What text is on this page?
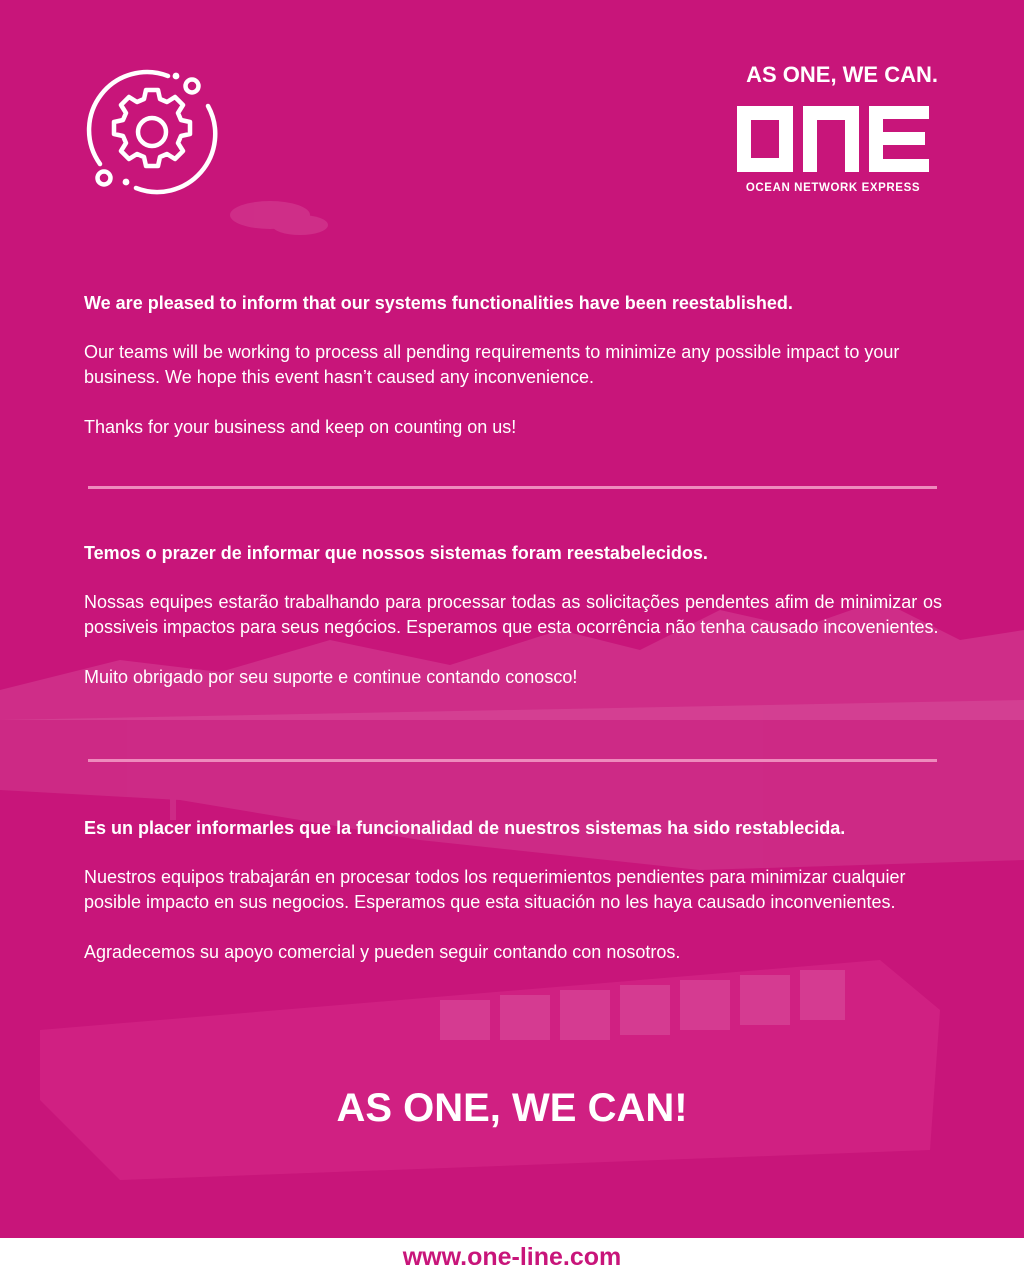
AS ONE, WE CAN.
OCEAN NETWORK EXPRESS
We are pleased to inform that our systems functionalities have been reestablished.
Our teams will be working to process all pending requirements to minimize any possible impact to your business. We hope this event hasn’t caused any inconvenience.
Thanks for your business and keep on counting on us!
Temos o prazer de informar que nossos sistemas foram reestabelecidos.
Nossas equipes estarão trabalhando para processar todas as solicitações pendentes afim de minimizar os possiveis impactos para seus negócios. Esperamos que esta ocorrência não tenha causado incovenientes.
Muito obrigado por seu suporte e continue contando conosco!
Es un placer informarles que la funcionalidad de nuestros sistemas ha sido restablecida.
Nuestros equipos trabajarán en procesar todos los requerimientos pendientes para minimizar cualquier posible impacto en sus negocios. Esperamos que esta situación no les haya causado inconvenientes.
Agradecemos su apoyo comercial y pueden seguir contando con nosotros.
AS ONE, WE CAN!
www.one-line.com
